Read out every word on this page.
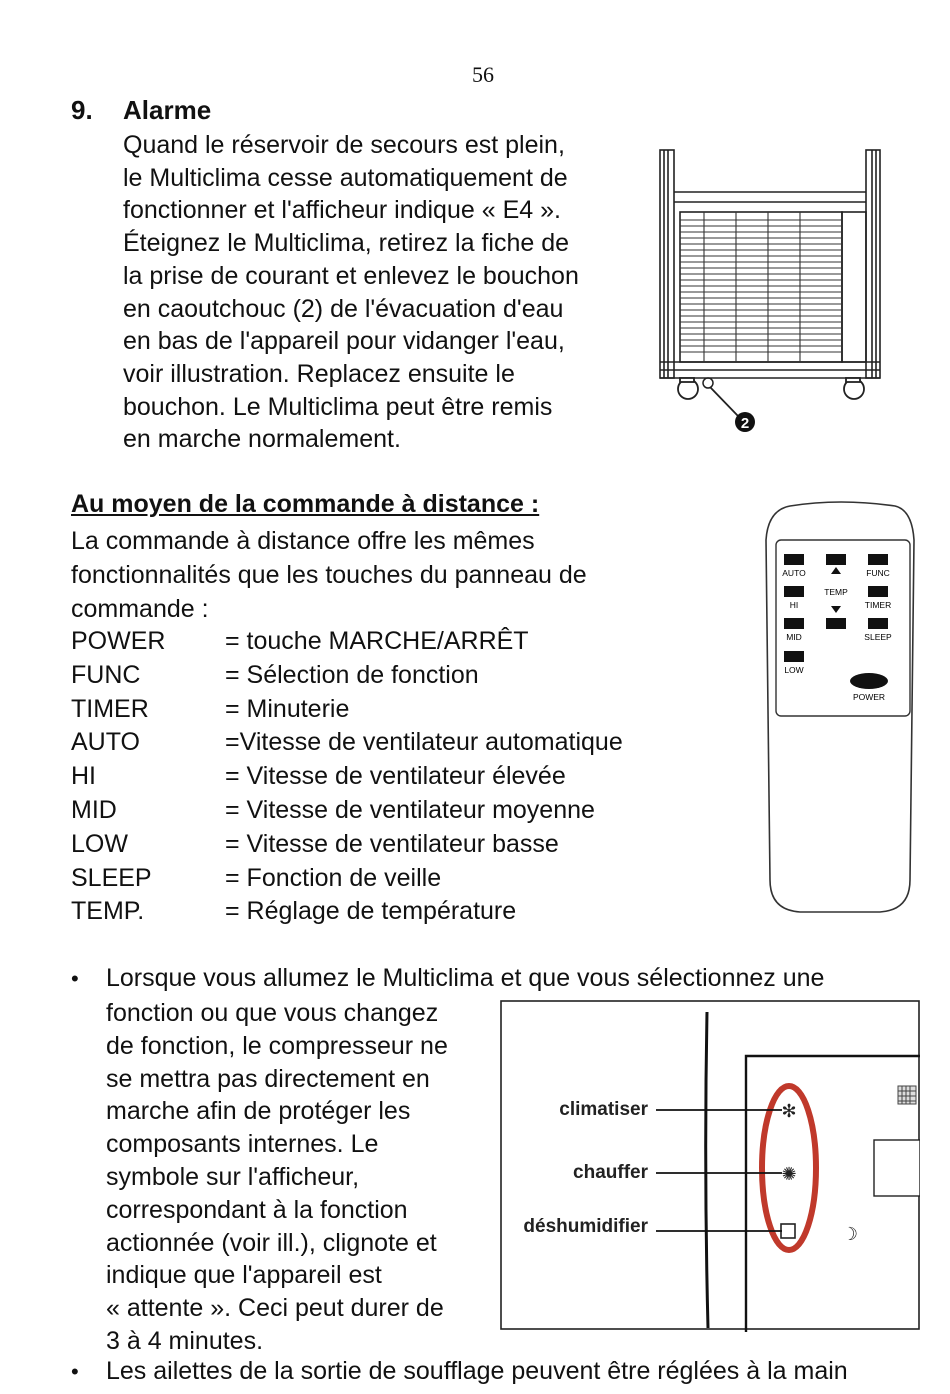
56
9. Alarme
Quand le réservoir de secours est plein,
le Multiclima cesse automatiquement de
fonctionner et l'afficheur indique « E4 ».
Éteignez le Multiclima, retirez la fiche de
la prise de courant et enlevez le bouchon
en caoutchouc (2) de l'évacuation d'eau
en bas de l'appareil pour vidanger l'eau,
voir illustration. Replacez ensuite le
bouchon. Le Multiclima peut être remis
en marche normalement.
2
Au moyen de la commande à distance :
La commande à distance offre les mêmes
fonctionnalités que les touches du panneau de
commande :
POWER = touche MARCHE/ARRÊT
FUNC	= Sélection de fonction
TIMER	= Minuterie
AUTO	=Vitesse de ventilateur automatique
HI	= Vitesse de ventilateur élevée
MID	= Vitesse de ventilateur moyenne
LOW	= Vitesse de ventilateur basse
SLEEP	= Fonction de veille
TEMP.	= Réglage de température
AUTO
TEMP
FUNC
HI	TIMER
MID	SLEEP
LOW
POWER
• Lorsque vous allumez le Multiclima et que vous sélectionnez une
fonction ou que vous changez
de fonction, le compresseur ne
se mettra pas directement en
marche afin de protéger les
composants internes. Le
symbole sur l'afficheur,
correspondant à la fonction
actionnée (voir ill.), clignote et
indique que l'appareil est
« attente ». Ceci peut durer de
3 à 4 minutes.
✻
✺
☽
climatiser
chauffer
déshumidifier
• Les ailettes de la sortie de soufflage peuvent être réglées à la main
